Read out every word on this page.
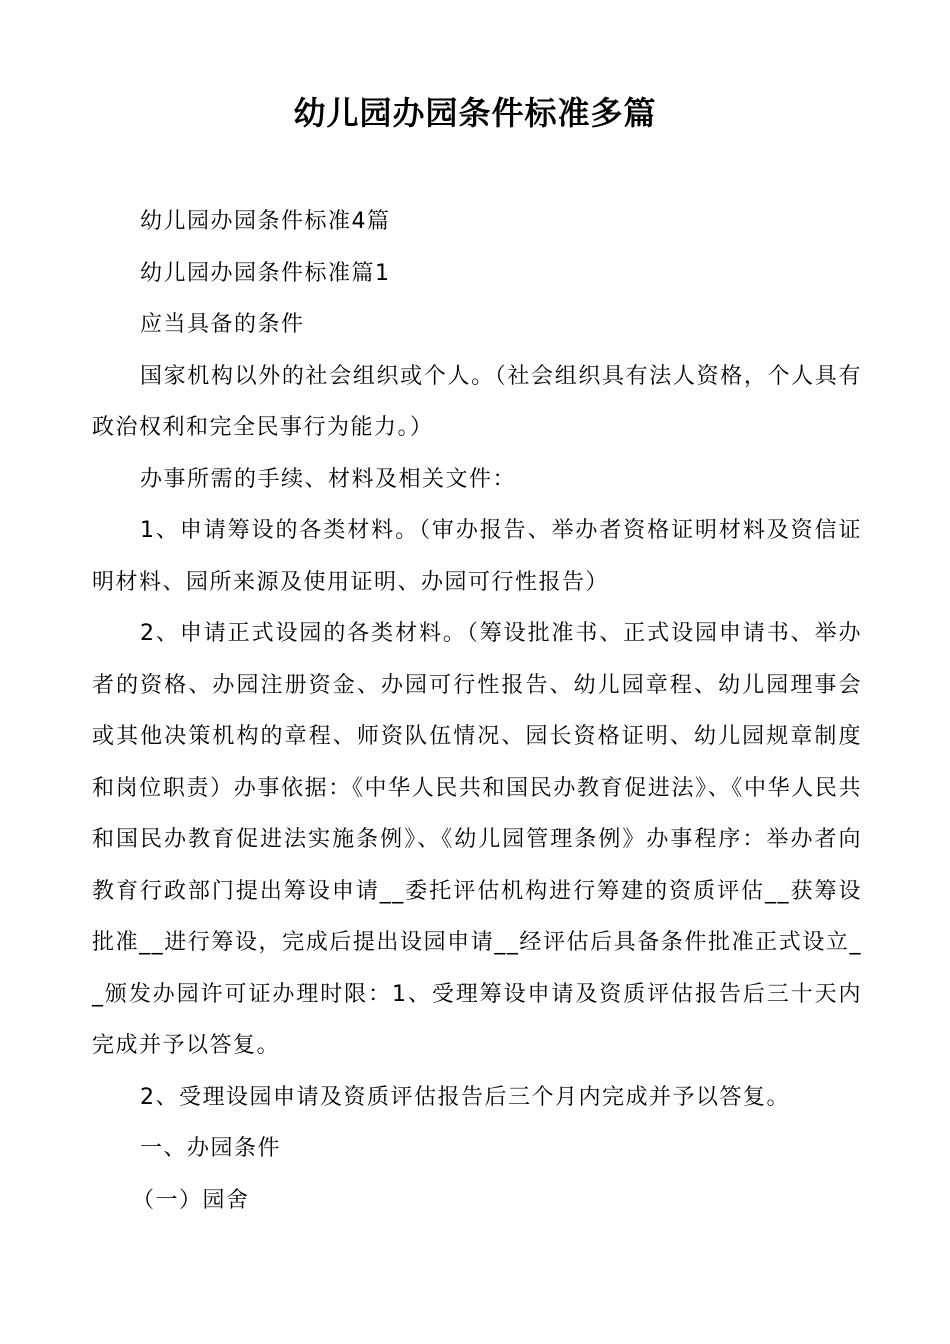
幼儿园办园条件标准多篇

幼儿园办园条件标准4篇

幼儿园办园条件标准篇1

应当具备的条件

国家机构以外的社会组织或个人。（社会组织具有法人资格，个人具有政治权利和完全民事行为能力。）

办事所需的手续、材料及相关文件：

1、申请筹设的各类材料。（审办报告、举办者资格证明材料及资信证明材料、园所来源及使用证明、办园可行性报告）

2、申请正式设园的各类材料。（筹设批准书、正式设园申请书、举办者的资格、办园注册资金、办园可行性报告、幼儿园章程、幼儿园理事会或其他决策机构的章程、师资队伍情况、园长资格证明、幼儿园规章制度和岗位职责）办事依据：《中华人民共和国民办教育促进法》、《中华人民共和国民办教育促进法实施条例》、《幼儿园管理条例》办事程序：举办者向教育行政部门提出筹设申请__委托评估机构进行筹建的资质评估__获筹设批准__进行筹设，完成后提出设园申请__经评估后具备条件批准正式设立__颁发办园许可证办理时限：1、受理筹设申请及资质评估报告后三十天内完成并予以答复。

2、受理设园申请及资质评估报告后三个月内完成并予以答复。

一、办园条件

（一）园舍
